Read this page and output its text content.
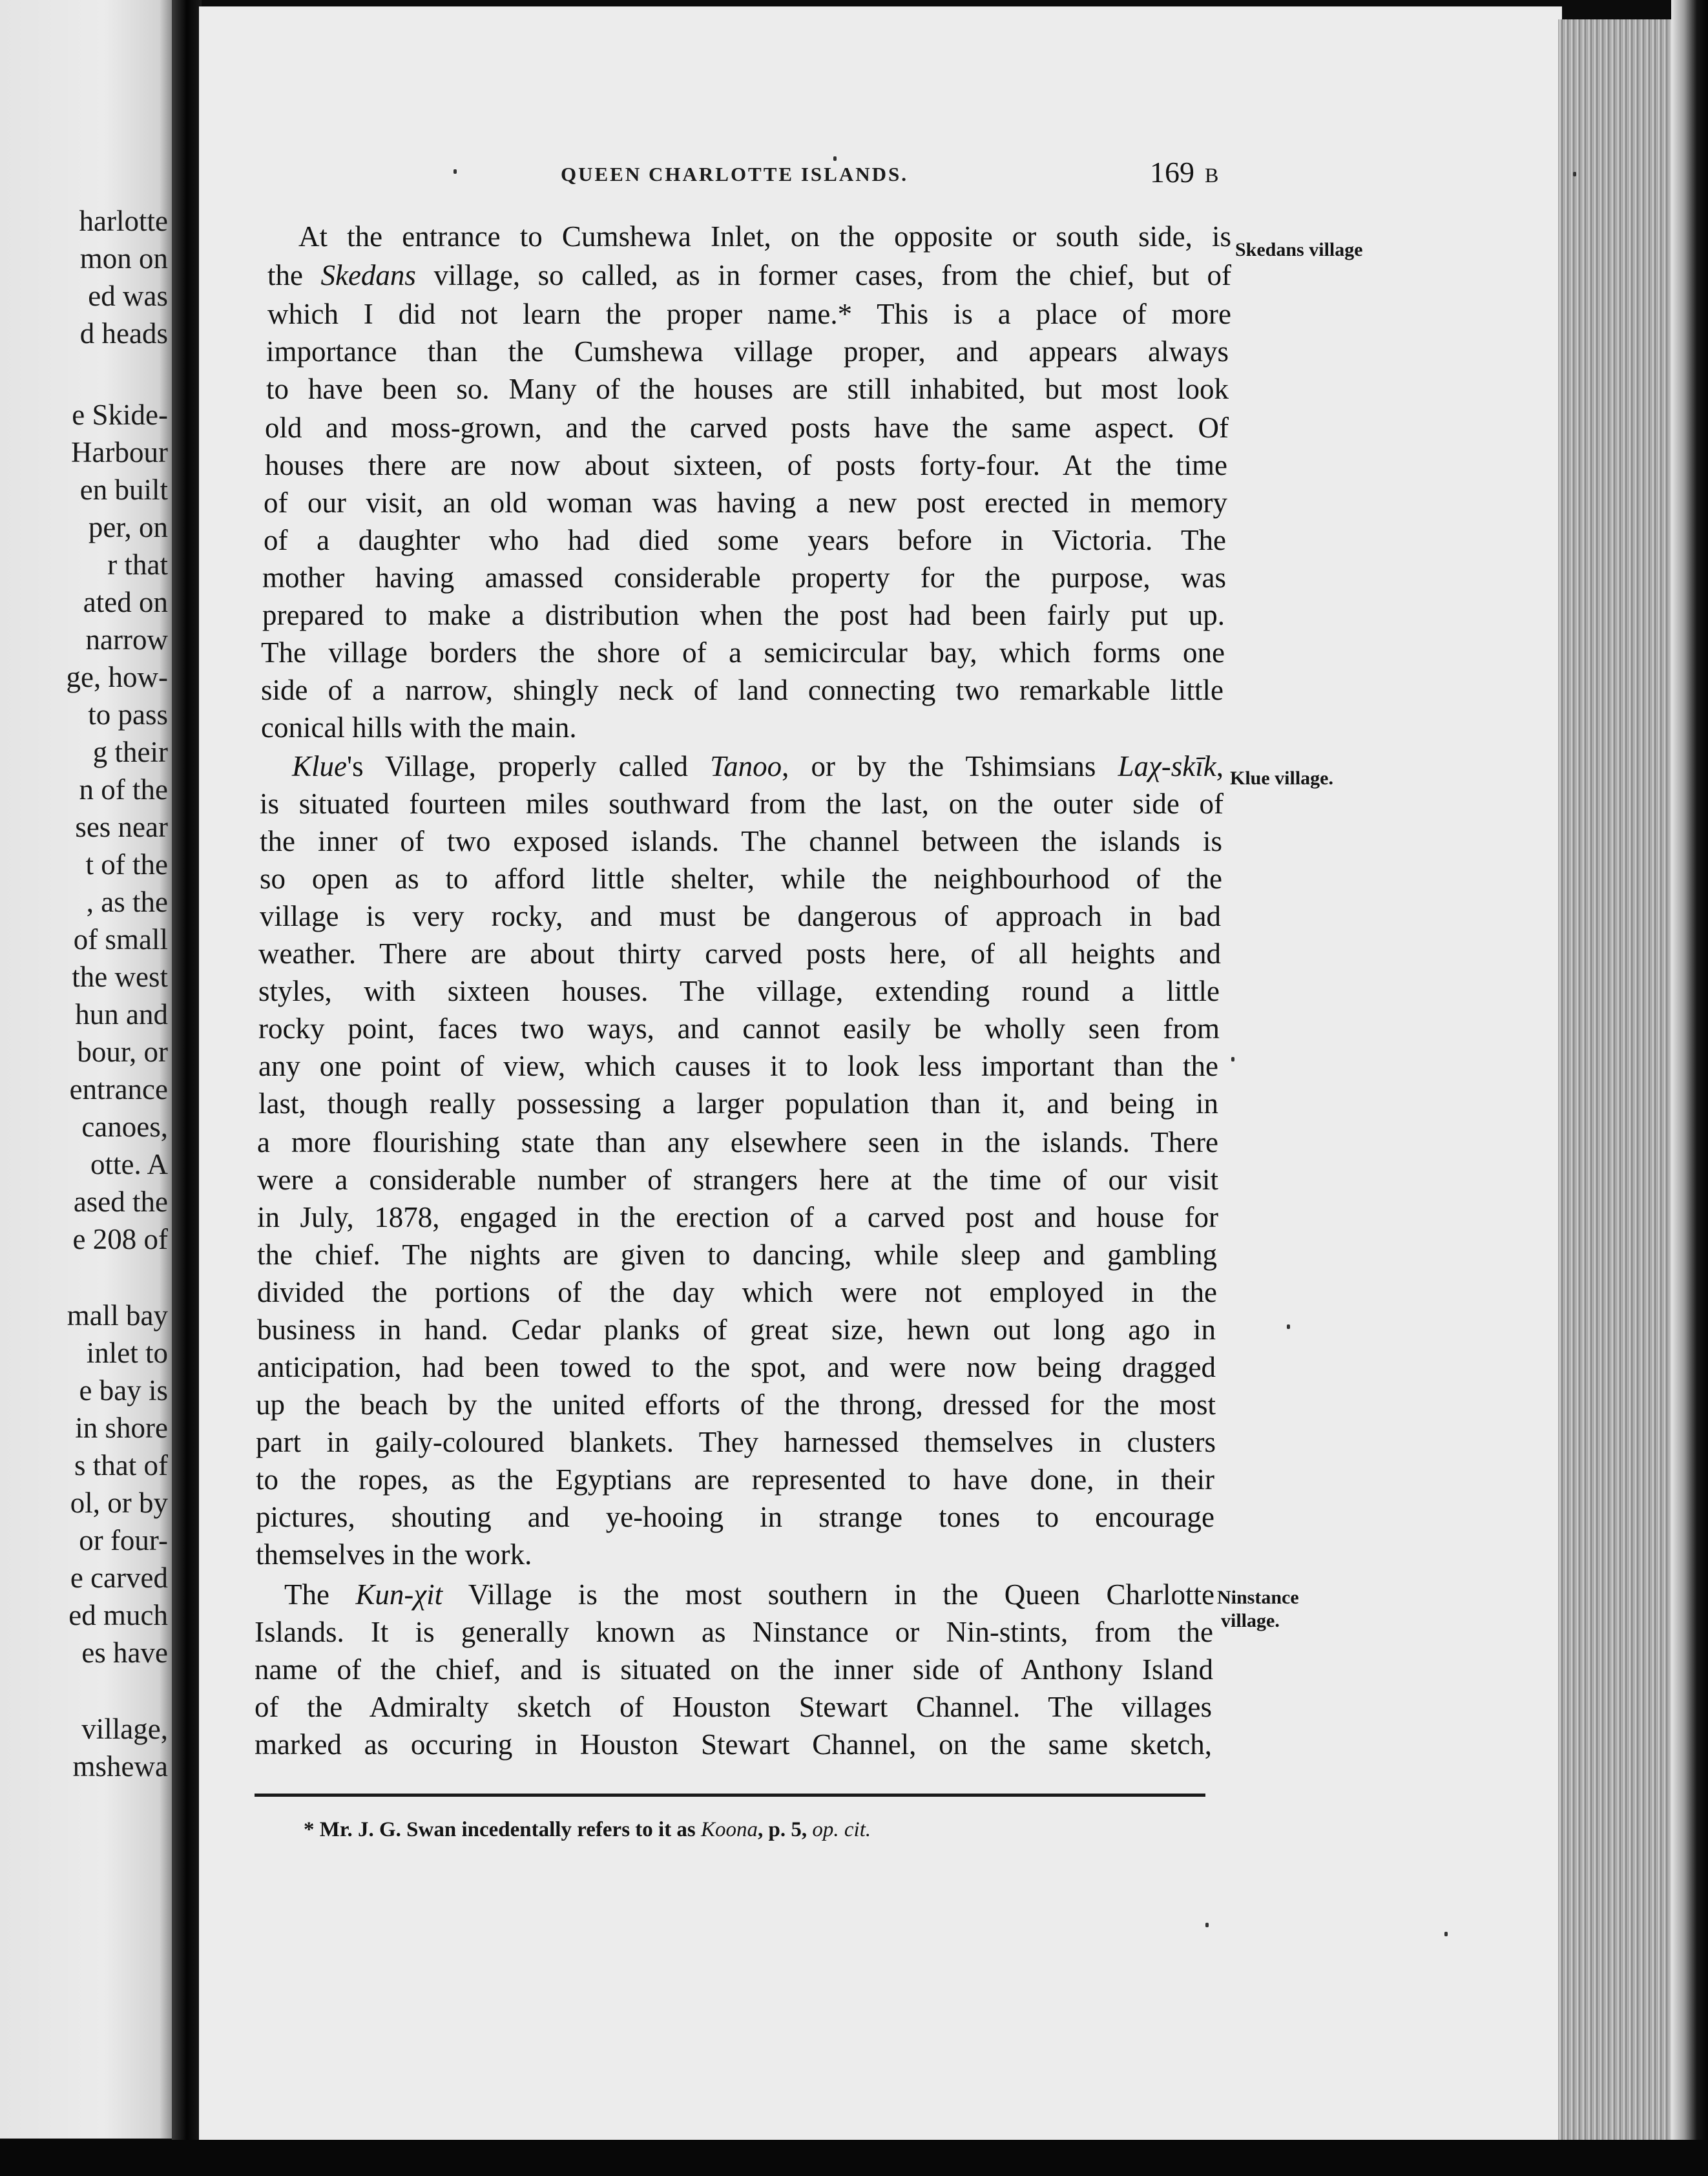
harlotte
mon on
ed was
d heads
e Skide-
Harbour
en built
per, on
r that
ated on
narrow
ge, how-
to pass
g their
n of the
ses near
t of the
, as the
of small
the west
hun and
bour, or
entrance
canoes,
otte. A
ased the
e 208 of
mall bay
inlet to
e bay is
in shore
s that of
ol, or by
or four-
e carved
ed much
es have
village,
mshewa
QUEEN CHARLOTTE ISLANDS.	169 B
At the entrance to Cumshewa Inlet, on the opposite or south side, is Skedans village
the Skedans village, so called, as in former cases, from the chief, but of
which I did not learn the proper name.* This is a place of more
importance than the Cumshewa village proper, and appears always
to have been so. Many of the houses are still inhabited, but most look
old and moss-grown, and the carved posts have the same aspect. Of
houses there are now about sixteen, of posts forty-four. At the time
of our visit, an old woman was having a new post erected in memory
of a daughter who had died some years before in Victoria. The
mother having amassed considerable property for the purpose, was
prepared to make a distribution when the post had been fairly put up.
The village borders the shore of a semicircular bay, which forms one
side of a narrow, shingly neck of land connecting two remarkable little
conical hills with the main.
Klue's Village, properly called Tanoo, or by the Tshimsians Laχ-skīk, Klue village.
is situated fourteen miles southward from the last, on the outer side of
the inner of two exposed islands. The channel between the islands is
so open as to afford little shelter, while the neighbourhood of the
village is very rocky, and must be dangerous of approach in bad
weather. There are about thirty carved posts here, of all heights and
styles, with sixteen houses. The village, extending round a little
rocky point, faces two ways, and cannot easily be wholly seen from
any one point of view, which causes it to look less important than the
last, though really possessing a larger population than it, and being in
a more flourishing state than any elsewhere seen in the islands. There
were a considerable number of strangers here at the time of our visit
in July, 1878, engaged in the erection of a carved post and house for
the chief. The nights are given to dancing, while sleep and gambling
divided the portions of the day which were not employed in the
business in hand. Cedar planks of great size, hewn out long ago in
anticipation, had been towed to the spot, and were now being dragged
up the beach by the united efforts of the throng, dressed for the most
part in gaily-coloured blankets. They harnessed themselves in clusters
to the ropes, as the Egyptians are represented to have done, in their
pictures, shouting and ye-hooing in strange tones to encourage
themselves in the work.
The Kun-χit Village is the most southern in the Queen Charlotte Ninstance
village.
Islands. It is generally known as Ninstance or Nin-stints, from the
name of the chief, and is situated on the inner side of Anthony Island
of the Admiralty sketch of Houston Stewart Channel. The villages
marked as occuring in Houston Stewart Channel, on the same sketch,
* Mr. J. G. Swan incedentally refers to it as Koona, p. 5, op. cit.
